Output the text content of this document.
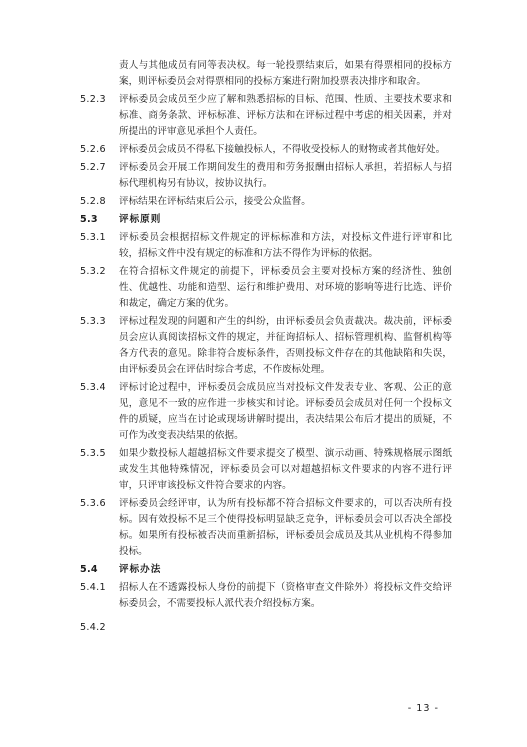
责人与其他成员有同等表决权。每一轮投票结束后，如果有得票相同的投标方案，则评标委员会对得票相同的投标方案进行附加投票表决排序和取舍。
5.2.3	评标委员会成员至少应了解和熟悉招标的目标、范围、性质、主要技术要求和标准、商务条款、评标标准、评标方法和在评标过程中考虑的相关因素，并对所提出的评审意见承担个人责任。
5.2.6	评标委员会成员不得私下接触投标人，不得收受投标人的财物或者其他好处。
5.2.7	评标委员会开展工作期间发生的费用和劳务报酬由招标人承担，若招标人与招标代理机构另有协议，按协议执行。
5.2.8	评标结果在评标结束后公示，接受公众监督。
5.3	评标原则
5.3.1	评标委员会根据招标文件规定的评标标准和方法，对投标文件进行评审和比较，招标文件中没有规定的标准和方法不得作为评标的依据。
5.3.2	在符合招标文件规定的前提下，评标委员会主要对投标方案的经济性、独创性、优越性、功能和造型、运行和维护费用、对环境的影响等进行比选、评价和裁定，确定方案的优劣。
5.3.3	评标过程发现的问题和产生的纠纷，由评标委员会负责裁决。裁决前，评标委员会应认真阅读招标文件的规定，并征询招标人、招标管理机构、监督机构等各方代表的意见。除非符合废标条件，否则投标文件存在的其他缺陷和失误，由评标委员会在评估时综合考虑，不作废标处理。
5.3.4	评标讨论过程中，评标委员会成员应当对投标文件发表专业、客观、公正的意见，意见不一致的应作进一步核实和讨论。评标委员会成员对任何一个投标文件的质疑，应当在讨论或现场讲解时提出，表决结果公布后才提出的质疑，不可作为改变表决结果的依据。
5.3.5	如果少数投标人超越招标文件要求提交了模型、演示动画、特殊规格展示图纸或发生其他特殊情况，评标委员会可以对超越招标文件要求的内容不进行评审，只评审该投标文件符合要求的内容。
5.3.6	评标委员会经评审，认为所有投标都不符合招标文件要求的，可以否决所有投标。因有效投标不足三个使得投标明显缺乏竞争，评标委员会可以否决全部投标。如果所有投标被否决而重新招标，评标委员会成员及其从业机构不得参加投标。
5.4	评标办法
5.4.1	招标人在不透露投标人身份的前提下（资格审查文件除外）将投标文件交给评标委员会，不需要投标人派代表介绍投标方案。
5.4.2
- 13 -
